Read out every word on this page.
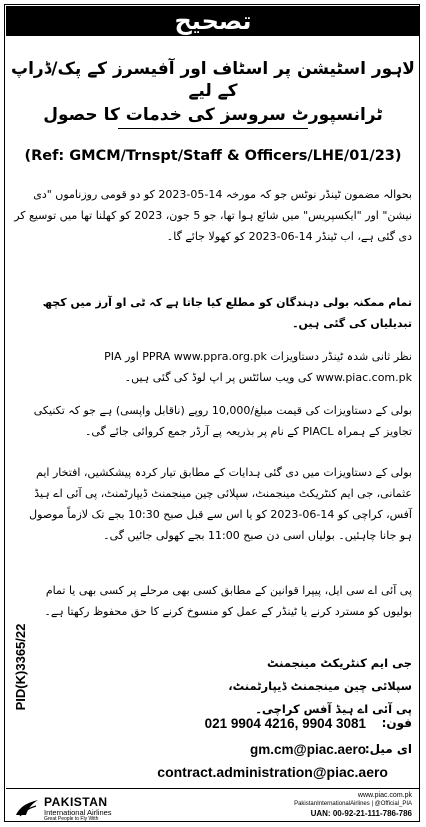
تصحیح
لاہور اسٹیشن پر اسٹاف اور آفیسرز کے پک/ڈراپ کے لیے
ٹرانسپورٹ سروسز کی خدمات کا حصول
(Ref: GMCM/Trnspt/Staff & Officers/LHE/01/23)
بحوالہ مضمون ٹینڈر نوٹس جو کہ مورخہ 14-05-2023 کو دو قومی روزناموں "دی نیشن" اور "ایکسپریس" میں شائع ہوا تھا، جو 5 جون، 2023 کو کھلنا تھا میں توسیع کر دی گئی ہے، اب ٹینڈر 14-06-2023 کو کھولا جائے گا۔
تمام ممکنہ بولی دہندگان کو مطلع کیا جاتا ہے کہ ٹی او آرز میں کچھ تبدیلیاں کی گئی ہیں۔
نظر ثانی شدہ ٹینڈر دستاویزات PPRA www.ppra.org.pk اور PIA www.piac.com.pk کی ویب سائٹس پر اپ لوڈ کی گئی ہیں۔
بولی کے دستاویزات کی قیمت مبلغ/10,000 روپے (ناقابل واپسی) ہے جو کہ تکنیکی تجاویز کے ہمراہ PIACL کے نام پر بذریعہ پے آرڈر جمع کروائی جائے گی۔
بولی کے دستاویزات میں دی گئی ہدایات کے مطابق تیار کردہ پیشکشیں، افتخار ایم عثمانی، جی ایم کنٹریکٹ مینجمنٹ، سپلائی چین مینجمنٹ ڈیپارٹمنٹ، پی آئی اے ہیڈ آفس، کراچی کو 14-06-2023 کو یا اس سے قبل صبح 10:30 بجے تک لازماً موصول ہو جانا چاہئیں۔ بولیاں اسی دن صبح 11:00 بجے کھولی جائیں گی۔
پی آئی اے سی ایل، پیپرا قوانین کے مطابق کسی بھی مرحلے پر کسی بھی یا تمام بولیوں کو مسترد کرنے یا ٹینڈر کے عمل کو منسوخ کرنے کا حق محفوظ رکھتا ہے۔
جی ایم کنٹریکٹ مینجمنٹ
سپلائی چین مینجمنٹ ڈیپارٹمنٹ،
پی آئی اے ہیڈ آفس کراچی۔
فون:
021 9904 4216, 9904 3081
ای میل:
gm.cm@piac.aero
contract.administration@piac.aero
PID(K)3365/22
PAKISTAN
International Airlines
Great People to Fly With
www.piac.com.pk
PakistanInternationalAirlines | @Official_PIA
UAN: 00-92-21-111-786-786
